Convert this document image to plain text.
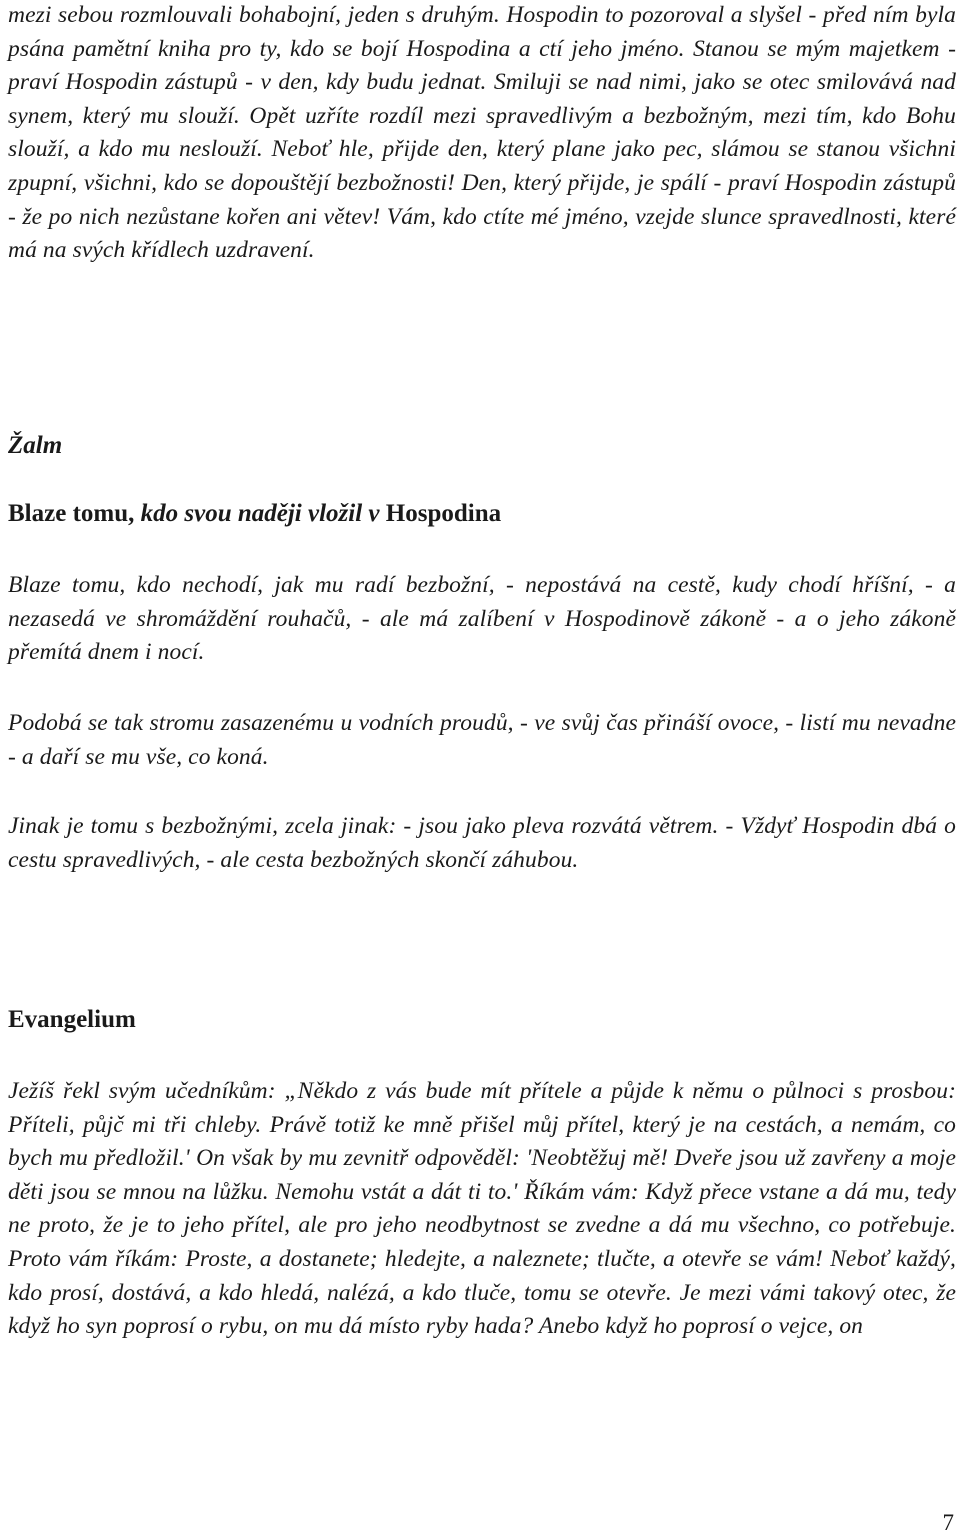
mezi sebou rozmlouvali bohabojní, jeden s druhým. Hospodin to pozoroval a slyšel - před ním byla psána pamětní kniha pro ty, kdo se bojí Hospodina a ctí jeho jméno. Stanou se mým majetkem - praví Hospodin zástupů - v den, kdy budu jednat. Smiluji se nad nimi, jako se otec smilovává nad synem, který mu slouží. Opět uzříte rozdíl mezi spravedlivým a bezbožným, mezi tím, kdo Bohu slouží, a kdo mu neslouží. Neboť hle, přijde den, který plane jako pec, slámou se stanou všichni zpupní, všichni, kdo se dopouštějí bezbožnosti! Den, který přijde, je spálí - praví Hospodin zástupů - že po nich nezůstane kořen ani větev! Vám, kdo ctíte mé jméno, vzejde slunce spravedlnosti, které má na svých křídlech uzdravení.

Žalm
Blaze tomu, kdo svou naději vložil v Hospodina

Blaze tomu, kdo nechodí, jak mu radí bezbožní, - nepostává na cestě, kudy chodí hříšní, - a nezasedá ve shromáždění rouhačů, - ale má zalíbení v Hospodinově zákoně - a o jeho zákoně přemítá dnem i nocí.

Podobá se tak stromu zasazenému u vodních proudů, - ve svůj čas přináší ovoce, - listí mu nevadne - a daří se mu vše, co koná.

Jinak je tomu s bezbožnými, zcela jinak: - jsou jako pleva rozvátá větrem. - Vždyť Hospodin dbá o cestu spravedlivých, - ale cesta bezbožných skončí záhubou.

Evangelium

Ježíš řekl svým učedníkům: „Někdo z vás bude mít přítele a půjde k němu o půlnoci s prosbou: Příteli, půjč mi tři chleby. Právě totiž ke mně přišel můj přítel, který je na cestách, a nemám, co bych mu předložil.' On však by mu zevnitř odpověděl: 'Neobtěžuj mě! Dveře jsou už zavřeny a moje děti jsou se mnou na lůžku. Nemohu vstát a dát ti to.' Říkám vám: Když přece vstane a dá mu, tedy ne proto, že je to jeho přítel, ale pro jeho neodbytnost se zvedne a dá mu všechno, co potřebuje. Proto vám říkám: Proste, a dostanete; hledejte, a naleznete; tlučte, a otevře se vám! Neboť každý, kdo prosí, dostává, a kdo hledá, nalézá, a kdo tluče, tomu se otevře. Je mezi vámi takový otec, že když ho syn poprosí o rybu, on mu dá místo ryby hada? Anebo když ho poprosí o vejce, on

7
